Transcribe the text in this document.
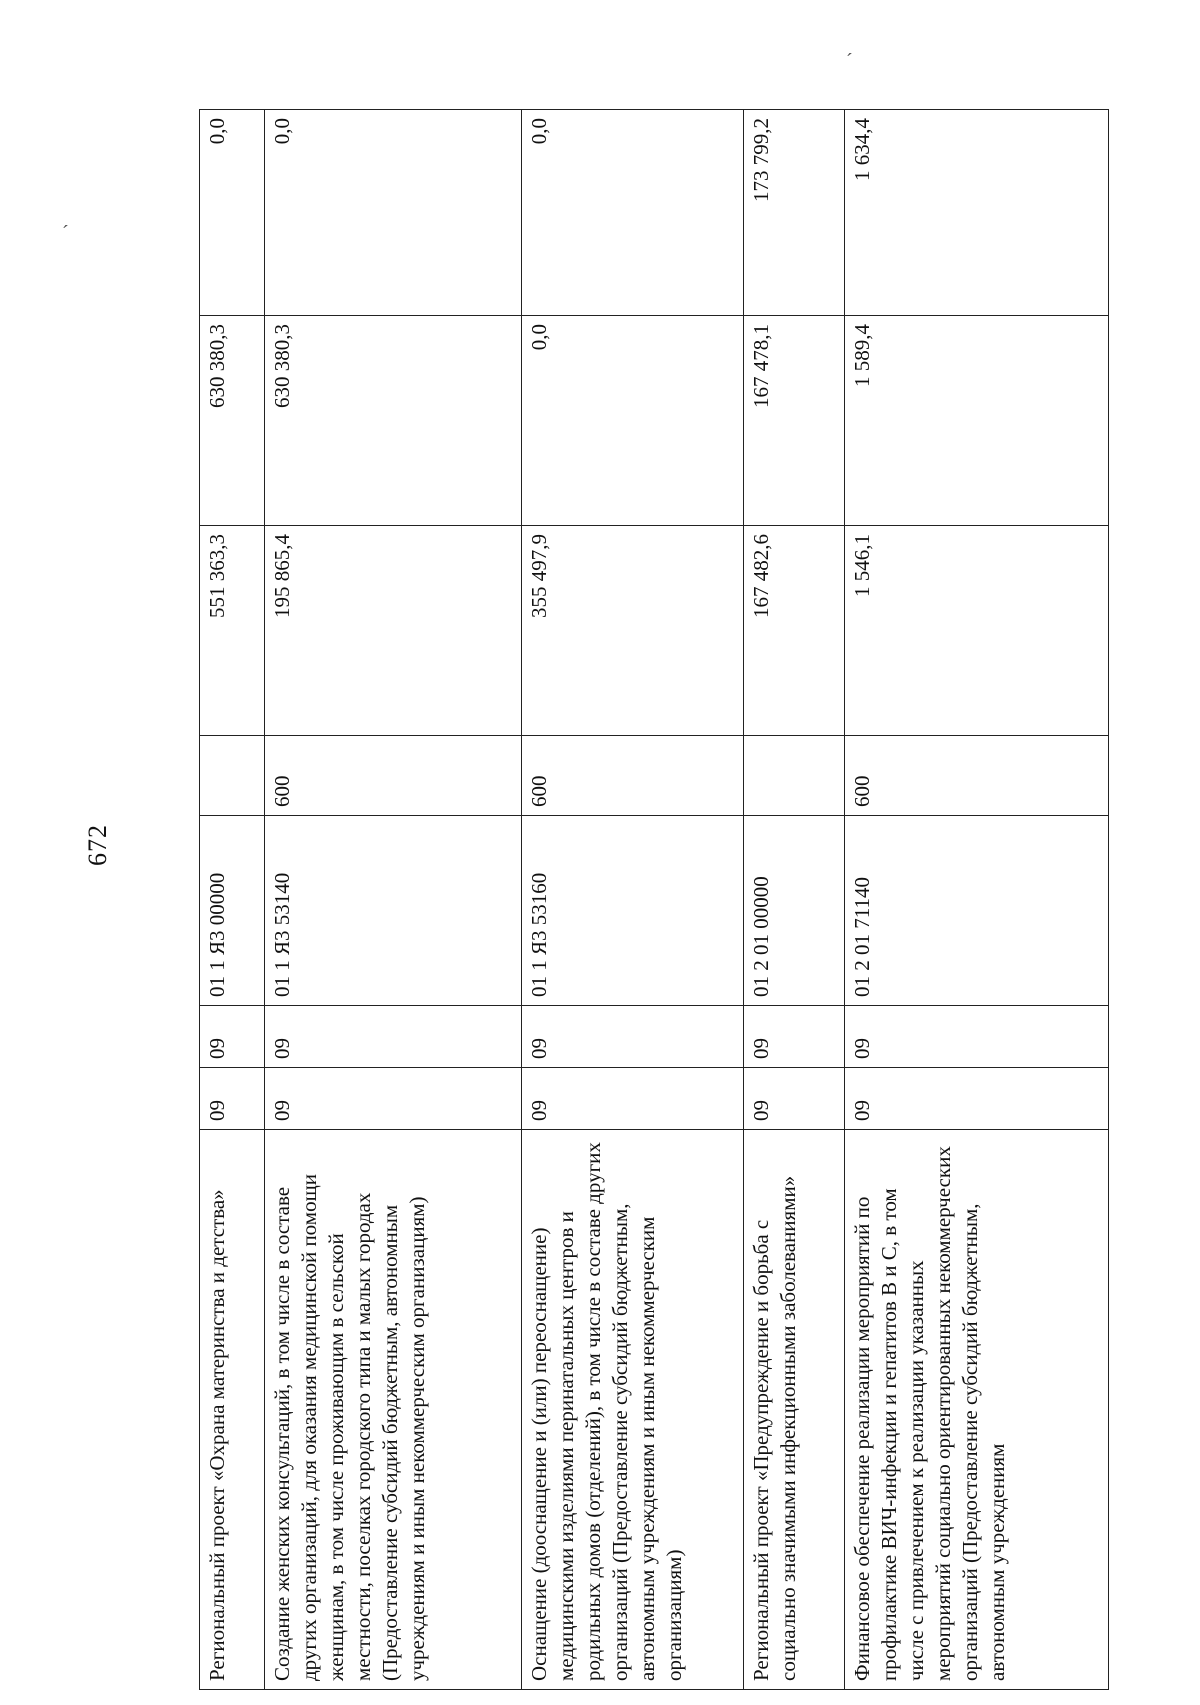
672
ˊ
ˊ
Региональный проект «Охрана материнства и детства»	09	09	01 1 Я3 00000		551 363,3	630 380,3	0,0
Создание женских консультаций, в том числе в составе других организаций, для оказания медицинской помощи женщинам, в том числе проживающим в сельской местности, поселках городского типа и малых городах (Предоставление субсидий бюджетным, автономным учреждениям и иным некоммерческим организациям)	09	09	01 1 Я3 53140	600	195 865,4	630 380,3	0,0
Оснащение (дооснащение и (или) переоснащение) медицинскими изделиями перинатальных центров и родильных домов (отделений), в том числе в составе других организаций (Предоставление субсидий бюджетным, автономным учреждениям и иным некоммерческим организациям)	09	09	01 1 Я3 53160	600	355 497,9	0,0	0,0
Региональный проект «Предупреждение и борьба с социально значимыми инфекционными заболеваниями»	09	09	01 2 01 00000		167 482,6	167 478,1	173 799,2
Финансовое обеспечение реализации мероприятий по профилактике ВИЧ-инфекции и гепатитов В и С, в том числе с привлечением к реализации указанных мероприятий социально ориентированных некоммерческих организаций (Предоставление субсидий бюджетным, автономным учреждениям	09	09	01 2 01 71140	600	1 546,1	1 589,4	1 634,4
